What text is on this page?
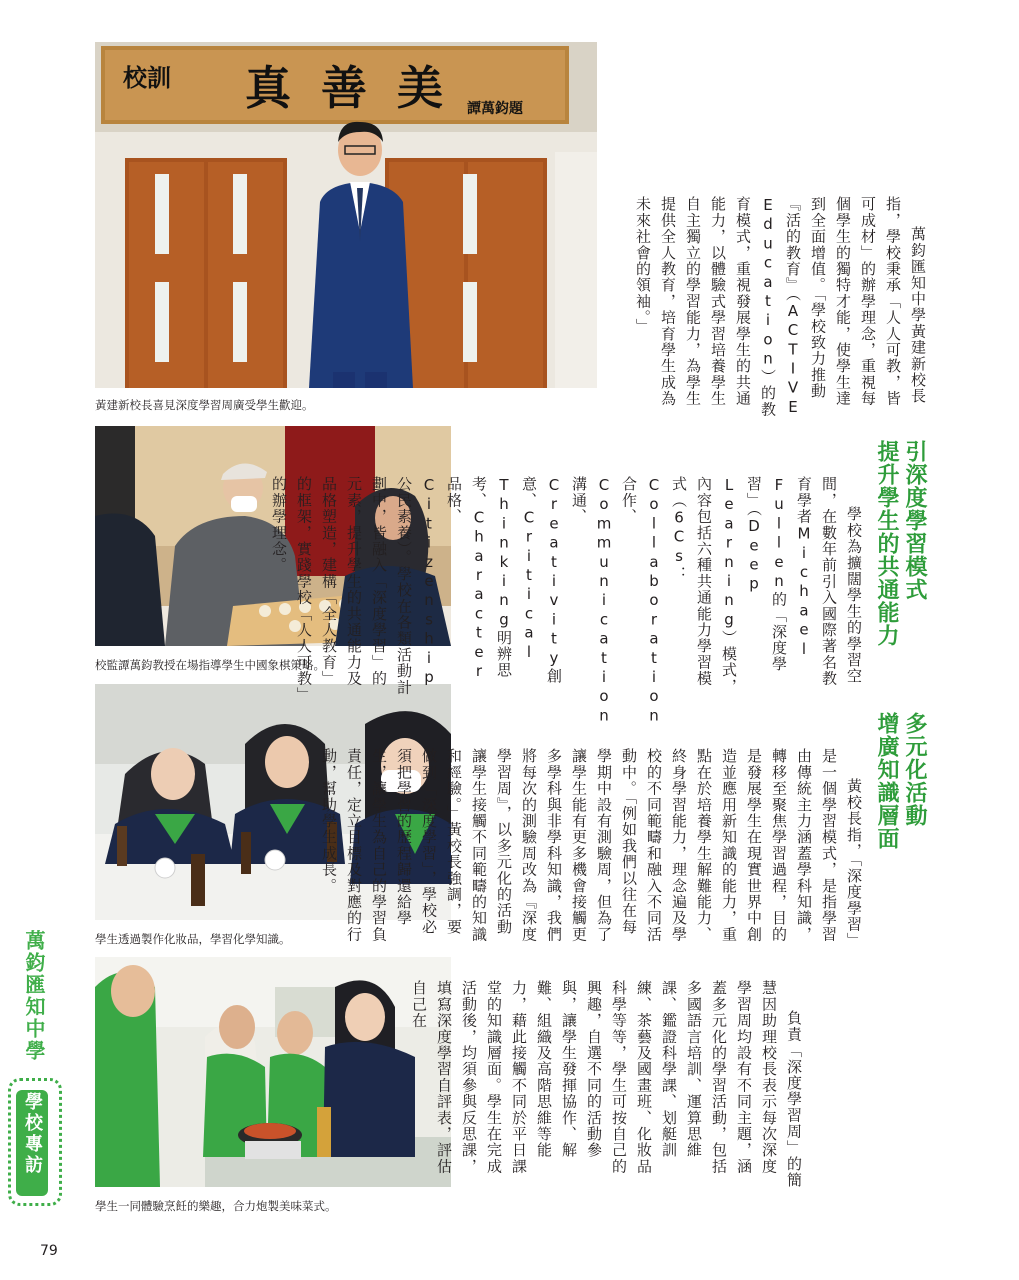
校訓 真善美
譚萬鈞題
黃建新校長喜見深度學習周廣受學生歡迎。
校監譚萬鈞教授在場指導學生中國象棋策略。
學生透過製作化妝品，學習化學知識。
學生一同體驗烹飪的樂趣，合力炮製美味菜式。

萬鈞匯知中學黃建新校長指，學校秉承「人人可教，皆可成材」的辦學理念，重視每個學生的獨特才能，使學生達到全面增值。「學校致力推動『活的教育』（ACTIVE Education）的教育模式，重視發展學生的共通能力，以體驗式學習培養學生自主獨立的學習能力，為學生提供全人教育，培育學生成為未來社會的領袖。」

引深度學習模式
提升學生的共通能力

學校為擴闊學生的學習空間，在數年前引入國際著名教育學者Michael Fullen的「深度學習」（Deep Learning）模式，內容包括六種共通能力學習模式（6Cs：Collaboration合作、Communication溝通、Creativity創意、Critical Thinking明辨思考、Character品格、Citizenship公民素養）。學校在各類活動計劃中，皆融入「深度學習」的元素，提升學生的共通能力及品格塑造，建構「全人教育」的框架，實踐學校「人人可教」的辦學理念。

多元化活動
增廣知識層面

黃校長指，「深度學習」是一個學習模式，是指學習由傳統主力涵蓋學科知識，轉移至聚焦學習過程，目的是發展學生在現實世界中創造並應用新知識的能力，重點在於培養學生解難能力、終身學習能力，理念遍及學校的不同範疇和融入不同活動中。「例如我們以往在每學期中設有測驗周，但為了讓學生能有更多機會接觸更多學科與非學科知識，我們將每次的測驗周改為『深度學習周』，以多元化的活動讓學生接觸不同範疇的知識和經驗。」黃校長強調，要做到「深度學習」，學校必須把學習的歷程歸還給學生，讓學生為自己的學習負責任，定立目標及對應的行動，幫助學生成長。

負責「深度學習周」的簡慧因助理校長表示每次深度學習周均設有不同主題，涵蓋多元化的學習活動，包括多國語言培訓、運算思維課、鑑證科學課、划艇訓練、茶藝及國畫班、化妝品科學等等，學生可按自己的興趣，自選不同的活動參與，讓學生發揮協作、解難、組織及高階思維等能力，藉此接觸不同於平日課堂的知識層面。學生在完成活動後，均須參與反思課，填寫深度學習自評表，評估自己在

萬鈞匯知中學
學校專訪
79
